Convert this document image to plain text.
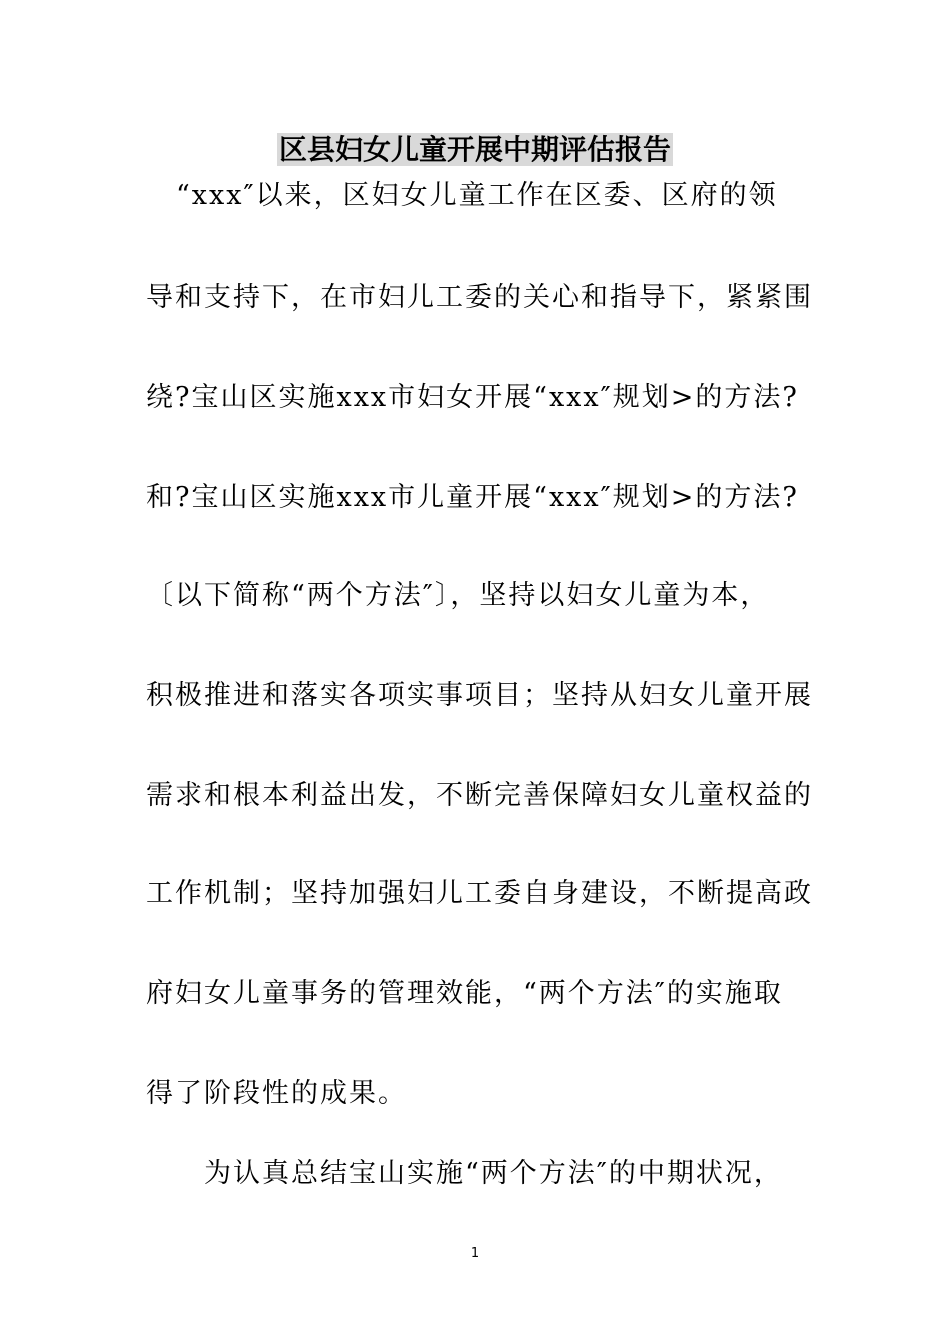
区县妇女儿童开展中期评估报告
“xxx″以来，区妇女儿童工作在区委、区府的领
导和支持下，在市妇儿工委的关心和指导下，紧紧围
绕?宝山区实施xxx市妇女开展“xxx″规划>的方法?
和?宝山区实施xxx市儿童开展“xxx″规划>的方法?
〔以下简称“两个方法″〕，坚持以妇女儿童为本，
积极推进和落实各项实事项目；坚持从妇女儿童开展
需求和根本利益出发，不断完善保障妇女儿童权益的
工作机制；坚持加强妇儿工委自身建设，不断提高政
府妇女儿童事务的管理效能，“两个方法″的实施取
得了阶段性的成果。
为认真总结宝山实施“两个方法″的中期状况，
1
